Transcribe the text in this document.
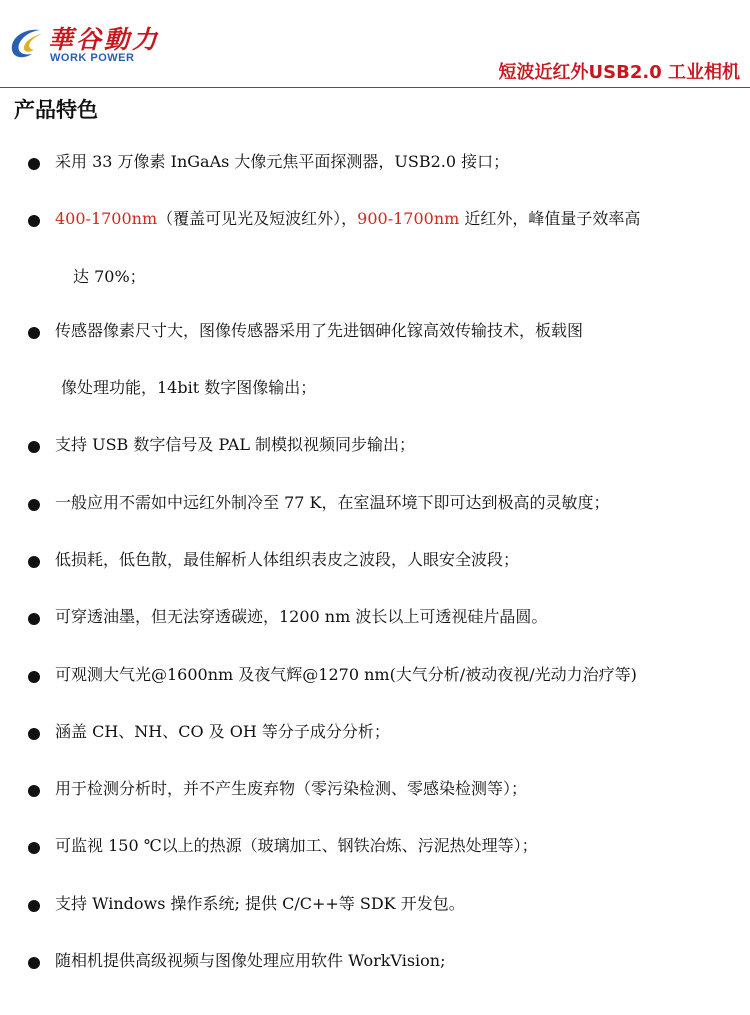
華谷動力
WORK POWER
短波近红外USB2.0 工业相机
产品特色
采用 33 万像素 InGaAs 大像元焦平面探测器，USB2.0 接口；
400-1700nm（覆盖可见光及短波红外），900-1700nm 近红外，峰值量子效率高
达 70%；
传感器像素尺寸大，图像传感器采用了先进铟砷化镓高效传输技术，板载图
像处理功能，14bit 数字图像输出；
支持 USB 数字信号及 PAL 制模拟视频同步输出；
一般应用不需如中远红外制冷至 77 K，在室温环境下即可达到极高的灵敏度；
低损耗，低色散，最佳解析人体组织表皮之波段，人眼安全波段；
可穿透油墨，但无法穿透碳迹，1200 nm 波长以上可透视硅片晶圆。
可观测大气光@1600nm 及夜气辉@1270 nm(大气分析/被动夜视/光动力治疗等)
涵盖 CH、NH、CO 及 OH 等分子成分分析；
用于检测分析时，并不产生废弃物（零污染检测、零感染检测等）；
可监视 150 ℃以上的热源（玻璃加工、钢铁冶炼、污泥热处理等）；
支持 Windows 操作系统; 提供 C/C++等 SDK 开发包。
随相机提供高级视频与图像处理应用软件 WorkVision;
